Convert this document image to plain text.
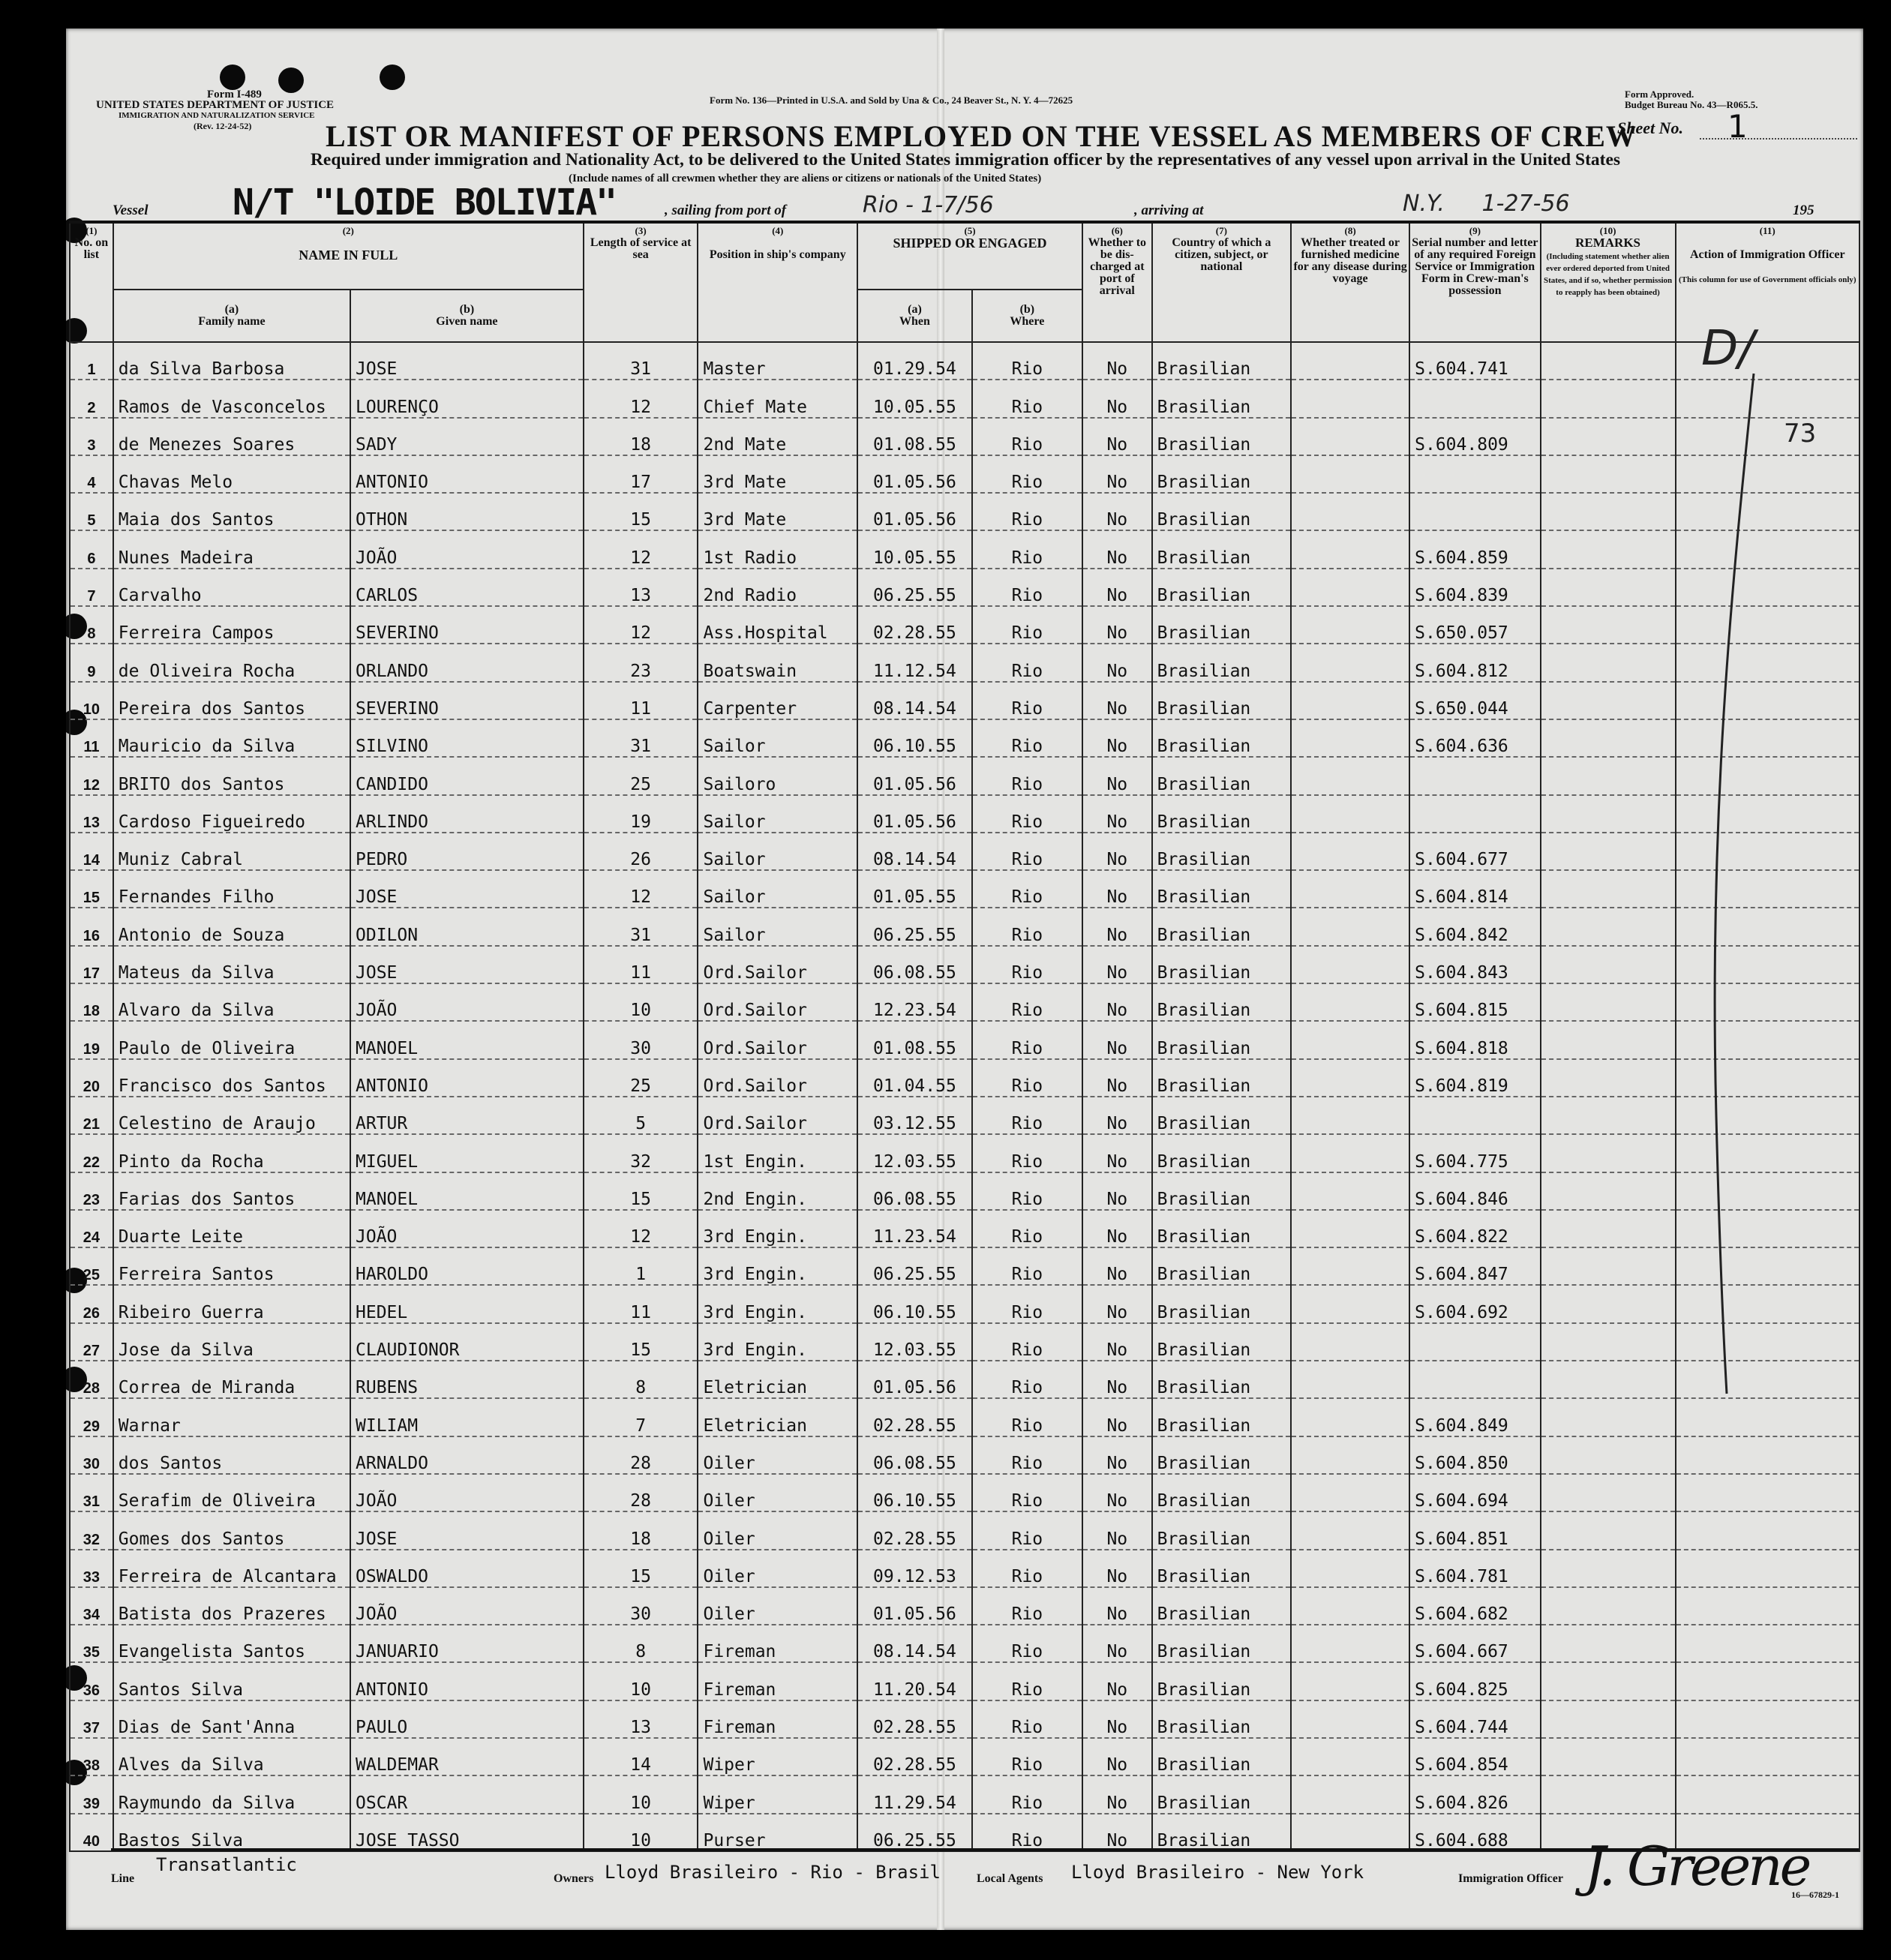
Form I-489
UNITED STATES DEPARTMENT OF JUSTICE
IMMIGRATION AND NATURALIZATION SERVICE
(Rev. 12-24-52)
Form No. 136—Printed in U.S.A. and Sold by Una & Co., 24 Beaver St., N. Y. 4—72625
Form Approved.
Budget Bureau No. 43—R065.5.
LIST OR MANIFEST OF PERSONS EMPLOYED ON THE VESSEL AS MEMBERS OF CREW
Sheet No. 1
Required under immigration and Nationality Act, to be delivered to the United States immigration officer by the representatives of any vessel upon arrival in the United States
(Include names of all crewmen whether they are aliens or citizens or nationals of the United States)
Vessel N/T "LOIDE BOLIVIA"	, sailing from port of	Rio - 1-7/56	, arriving at	N.Y. 1-27-56	195
(1)
No. on list	(2)

NAME IN FULL		(3)
Length of service at sea	(4)

Position in ship's company	(5)
SHIPPED OR ENGAGED		(6)
Whether to be dis-charged at port of arrival	(7)
Country of which a citizen, subject, or national	(8)
Whether treated or furnished medicine for any disease during voyage	(9)
Serial number and letter of any required Foreign Service or Immigration Form in Crew-man's possession	(10)
REMARKS
(Including statement whether alien ever ordered deported from United States, and if so, whether permission to reapply has been obtained)	(11)

Action of Immigration Officer

(This column for use of Government officials only)

(a)
Family name	(b)
Given name			(a)
When	(b)
Where						
1	da Silva Barbosa	JOSE	31	Master	01.29.54	Rio	No	Brasilian		S.604.741		
2	Ramos de Vasconcelos	LOURENÇO	12	Chief Mate	10.05.55	Rio	No	Brasilian				
3	de Menezes Soares	SADY	18	2nd Mate	01.08.55	Rio	No	Brasilian		S.604.809		
4	Chavas Melo	ANTONIO	17	3rd Mate	01.05.56	Rio	No	Brasilian				
5	Maia dos Santos	OTHON	15	3rd Mate	01.05.56	Rio	No	Brasilian				
6	Nunes Madeira	JOÃO	12	1st Radio	10.05.55	Rio	No	Brasilian		S.604.859		
7	Carvalho	CARLOS	13	2nd Radio	06.25.55	Rio	No	Brasilian		S.604.839		
8	Ferreira Campos	SEVERINO	12	Ass.Hospital	02.28.55	Rio	No	Brasilian		S.650.057		
9	de Oliveira Rocha	ORLANDO	23	Boatswain	11.12.54	Rio	No	Brasilian		S.604.812		
10	Pereira dos Santos	SEVERINO	11	Carpenter	08.14.54	Rio	No	Brasilian		S.650.044		
11	Mauricio da Silva	SILVINO	31	Sailor	06.10.55	Rio	No	Brasilian		S.604.636		
12	BRITO dos Santos	CANDIDO	25	Sailoro	01.05.56	Rio	No	Brasilian				
13	Cardoso Figueiredo	ARLINDO	19	Sailor	01.05.56	Rio	No	Brasilian				
14	Muniz Cabral	PEDRO	26	Sailor	08.14.54	Rio	No	Brasilian		S.604.677		
15	Fernandes Filho	JOSE	12	Sailor	01.05.55	Rio	No	Brasilian		S.604.814		
16	Antonio de Souza	ODILON	31	Sailor	06.25.55	Rio	No	Brasilian		S.604.842		
17	Mateus da Silva	JOSE	11	Ord.Sailor	06.08.55	Rio	No	Brasilian		S.604.843		
18	Alvaro da Silva	JOÃO	10	Ord.Sailor	12.23.54	Rio	No	Brasilian		S.604.815		
19	Paulo de Oliveira	MANOEL	30	Ord.Sailor	01.08.55	Rio	No	Brasilian		S.604.818		
20	Francisco dos Santos	ANTONIO	25	Ord.Sailor	01.04.55	Rio	No	Brasilian		S.604.819		
21	Celestino de Araujo	ARTUR	5	Ord.Sailor	03.12.55	Rio	No	Brasilian				
22	Pinto da Rocha	MIGUEL	32	1st Engin.	12.03.55	Rio	No	Brasilian		S.604.775		
23	Farias dos Santos	MANOEL	15	2nd Engin.	06.08.55	Rio	No	Brasilian		S.604.846		
24	Duarte Leite	JOÃO	12	3rd Engin.	11.23.54	Rio	No	Brasilian		S.604.822		
25	Ferreira Santos	HAROLDO	1	3rd Engin.	06.25.55	Rio	No	Brasilian		S.604.847		
26	Ribeiro Guerra	HEDEL	11	3rd Engin.	06.10.55	Rio	No	Brasilian		S.604.692		
27	Jose da Silva	CLAUDIONOR	15	3rd Engin.	12.03.55	Rio	No	Brasilian				
28	Correa de Miranda	RUBENS	8	Eletrician	01.05.56	Rio	No	Brasilian				
29	Warnar	WILIAM	7	Eletrician	02.28.55	Rio	No	Brasilian		S.604.849		
30	dos Santos	ARNALDO	28	Oiler	06.08.55	Rio	No	Brasilian		S.604.850		
31	Serafim de Oliveira	JOÃO	28	Oiler	06.10.55	Rio	No	Brasilian		S.604.694		
32	Gomes dos Santos	JOSE	18	Oiler	02.28.55	Rio	No	Brasilian		S.604.851		
33	Ferreira de Alcantara	OSWALDO	15	Oiler	09.12.53	Rio	No	Brasilian		S.604.781		
34	Batista dos Prazeres	JOÃO	30	Oiler	01.05.56	Rio	No	Brasilian		S.604.682		
35	Evangelista Santos	JANUARIO	8	Fireman	08.14.54	Rio	No	Brasilian		S.604.667		
36	Santos Silva	ANTONIO	10	Fireman	11.20.54	Rio	No	Brasilian		S.604.825		
37	Dias de Sant'Anna	PAULO	13	Fireman	02.28.55	Rio	No	Brasilian		S.604.744		
38	Alves da Silva	WALDEMAR	14	Wiper	02.28.55	Rio	No	Brasilian		S.604.854		
39	Raymundo da Silva	OSCAR	10	Wiper	11.29.54	Rio	No	Brasilian		S.604.826		
40	Bastos Silva	JOSE TASSO	10	Purser	06.25.55	Rio	No	Brasilian		S.604.688		
D/
73
Line
Transatlantic
Owners Lloyd Brasileiro - Rio - Brasil	Local Agents Lloyd Brasileiro - New York	Immigration Officer J. Greene
16—67829-1
